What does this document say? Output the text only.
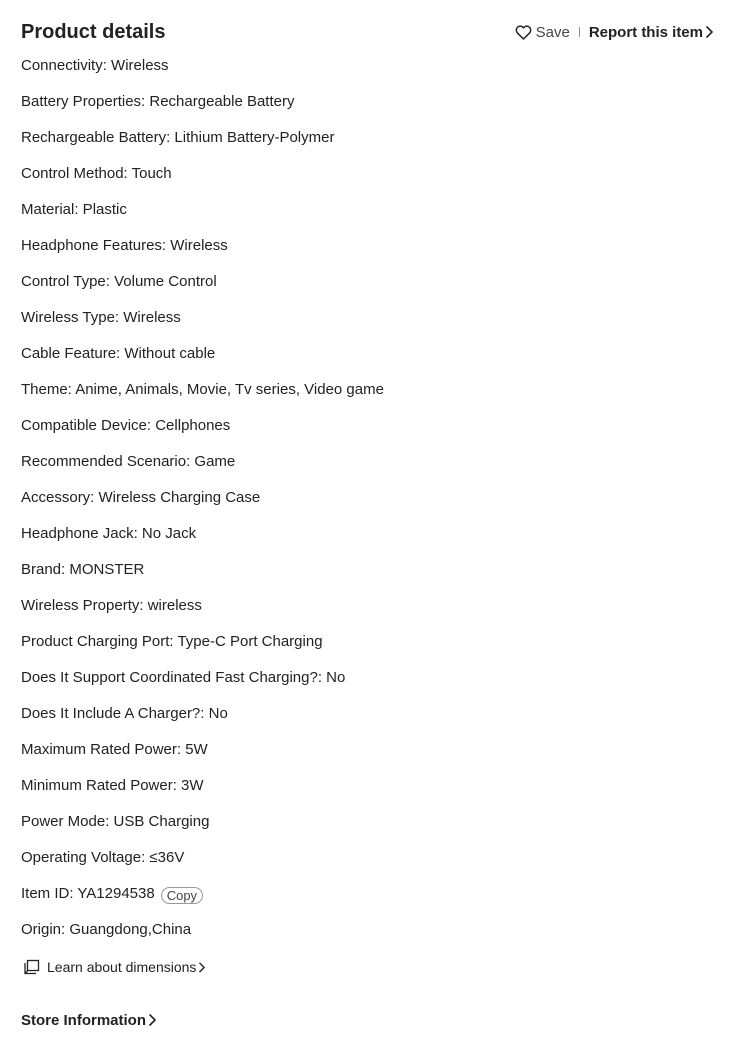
Product details	Save Report this item
Connectivity: Wireless
Battery Properties: Rechargeable Battery
Rechargeable Battery: Lithium Battery-Polymer
Control Method: Touch
Material: Plastic
Headphone Features: Wireless
Control Type: Volume Control
Wireless Type: Wireless
Cable Feature: Without cable
Theme: Anime, Animals, Movie, Tv series, Video game
Compatible Device: Cellphones
Recommended Scenario: Game
Accessory: Wireless Charging Case
Headphone Jack: No Jack
Brand: MONSTER
Wireless Property: wireless
Product Charging Port: Type-C Port Charging
Does It Support Coordinated Fast Charging?: No
Does It Include A Charger?: No
Maximum Rated Power: 5W
Minimum Rated Power: 3W
Power Mode: USB Charging
Operating Voltage: ≤36V
Item ID: YA1294538 Copy
Origin: Guangdong,China
Learn about dimensions
Store Information
